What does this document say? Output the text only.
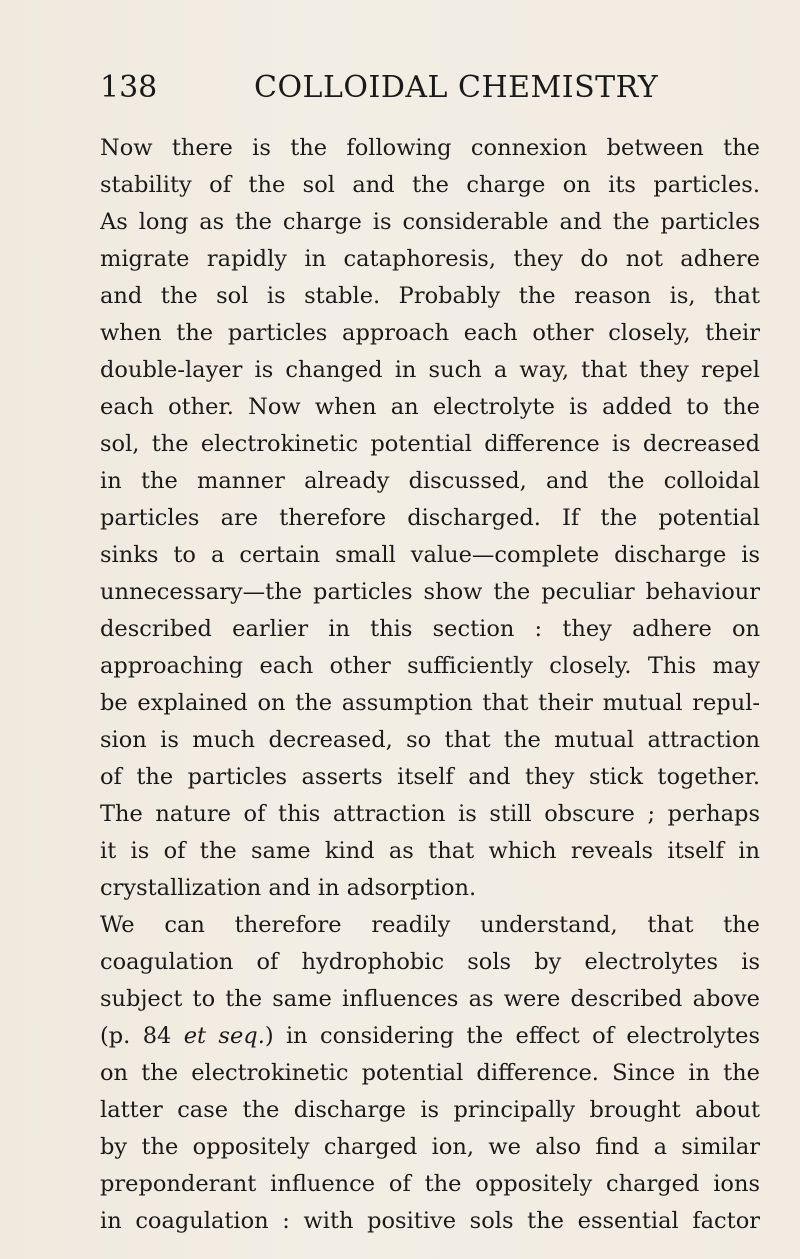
138	COLLOIDAL CHEMISTRY

Now there is the following connexion between the
stability of the sol and the charge on its particles.
As long as the charge is considerable and the particles
migrate rapidly in cataphoresis, they do not adhere
and the sol is stable. Probably the reason is, that
when the particles approach each other closely, their
double-layer is changed in such a way, that they repel
each other. Now when an electrolyte is added to the
sol, the electrokinetic potential difference is decreased
in the manner already discussed, and the colloidal
particles are therefore discharged. If the potential
sinks to a certain small value—complete discharge is
unnecessary—the particles show the peculiar behaviour
described earlier in this section : they adhere on
approaching each other sufficiently closely. This may
be explained on the assumption that their mutual repul-
sion is much decreased, so that the mutual attraction
of the particles asserts itself and they stick together.
The nature of this attraction is still obscure ; perhaps
it is of the same kind as that which reveals itself in
crystallization and in adsorption.

We can therefore readily understand, that the
coagulation of hydrophobic sols by electrolytes is
subject to the same influences as were described above
(p. 84 et seq.) in considering the effect of electrolytes
on the electrokinetic potential difference. Since in the
latter case the discharge is principally brought about
by the oppositely charged ion, we also find a similar
preponderant influence of the oppositely charged ions
in coagulation : with positive sols the essential factor
